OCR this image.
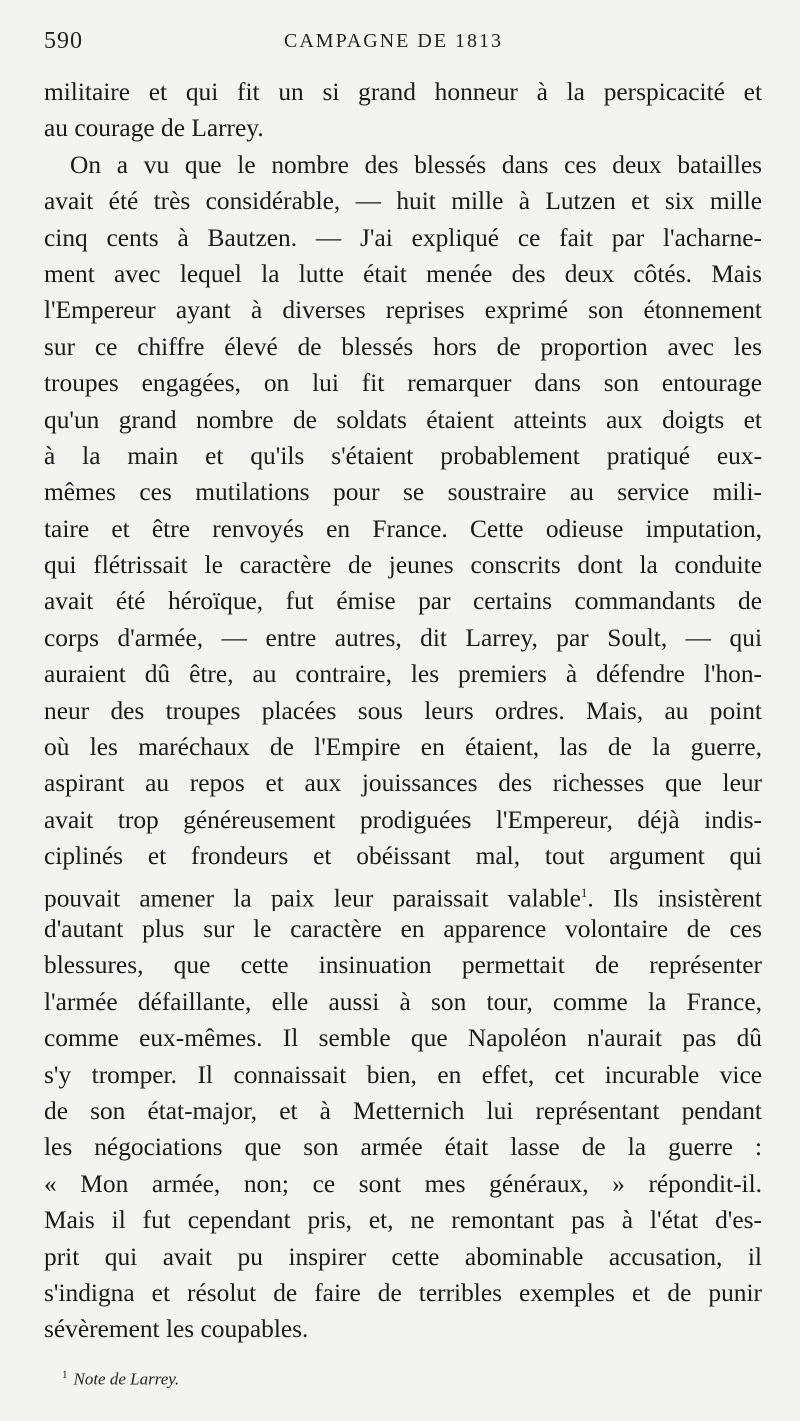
590	CAMPAGNE DE 1813
militaire et qui fit un si grand honneur à la perspicacité et
au courage de Larrey.
On a vu que le nombre des blessés dans ces deux batailles
avait été très considérable, — huit mille à Lutzen et six mille
cinq cents à Bautzen. — J'ai expliqué ce fait par l'acharne-
ment avec lequel la lutte était menée des deux côtés. Mais
l'Empereur ayant à diverses reprises exprimé son étonnement
sur ce chiffre élevé de blessés hors de proportion avec les
troupes engagées, on lui fit remarquer dans son entourage
qu'un grand nombre de soldats étaient atteints aux doigts et
à la main et qu'ils s'étaient probablement pratiqué eux-
mêmes ces mutilations pour se soustraire au service mili-
taire et être renvoyés en France. Cette odieuse imputation,
qui flétrissait le caractère de jeunes conscrits dont la conduite
avait été héroïque, fut émise par certains commandants de
corps d'armée, — entre autres, dit Larrey, par Soult, — qui
auraient dû être, au contraire, les premiers à défendre l'hon-
neur des troupes placées sous leurs ordres. Mais, au point
où les maréchaux de l'Empire en étaient, las de la guerre,
aspirant au repos et aux jouissances des richesses que leur
avait trop généreusement prodiguées l'Empereur, déjà indis-
ciplinés et frondeurs et obéissant mal, tout argument qui
pouvait amener la paix leur paraissait valable$^1$. Ils insistèrent
d'autant plus sur le caractère en apparence volontaire de ces
blessures, que cette insinuation permettait de représenter
l'armée défaillante, elle aussi à son tour, comme la France,
comme eux-mêmes. Il semble que Napoléon n'aurait pas dû
s'y tromper. Il connaissait bien, en effet, cet incurable vice
de son état-major, et à Metternich lui représentant pendant
les négociations que son armée était lasse de la guerre :
« Mon armée, non; ce sont mes généraux, » répondit-il.
Mais il fut cependant pris, et, ne remontant pas à l'état d'es-
prit qui avait pu inspirer cette abominable accusation, il
s'indigna et résolut de faire de terribles exemples et de punir
sévèrement les coupables.
$^1$ Note de Larrey.
